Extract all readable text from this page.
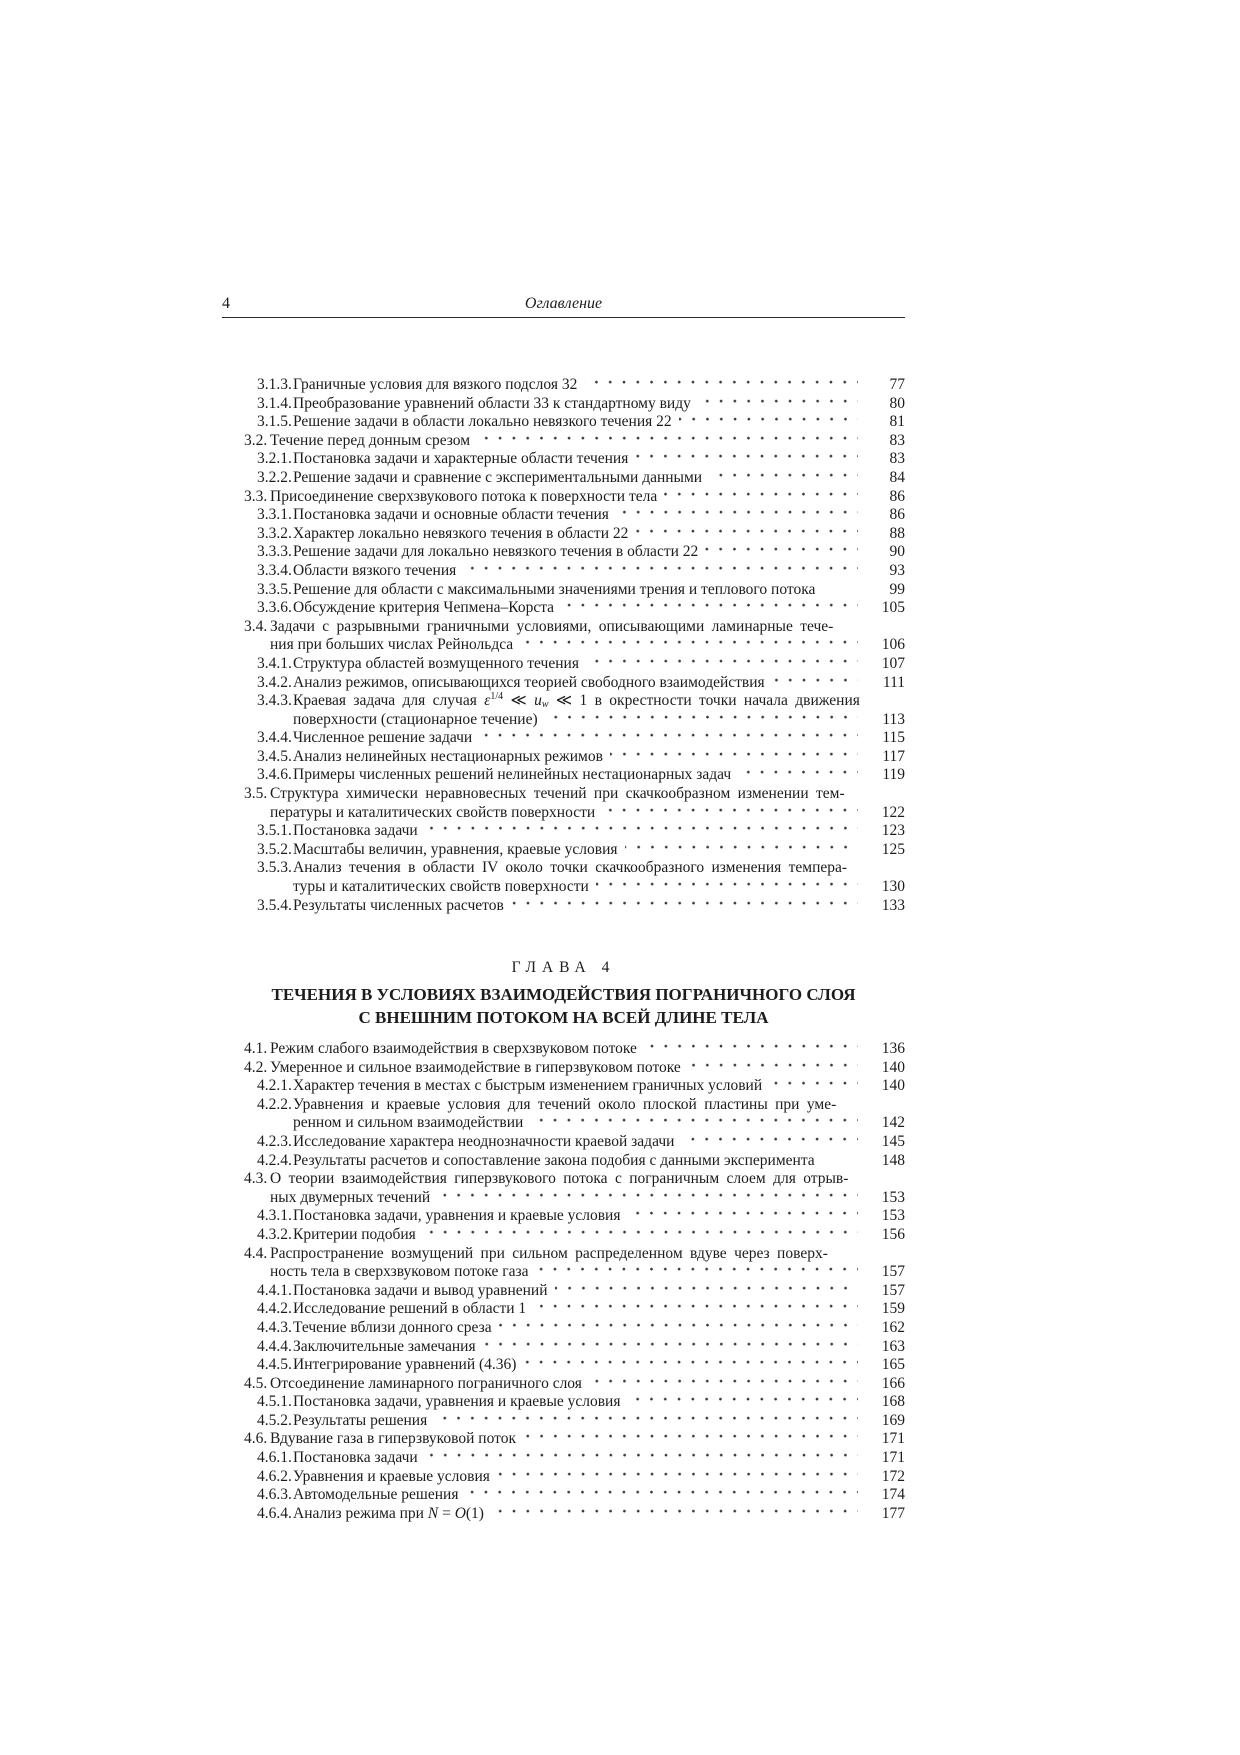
4	Оглавление
3.1.3. Граничные условия для вязкого подслоя 32	77
3.1.4. Преобразование уравнений области 33 к стандартному виду	80
3.1.5. Решение задачи в области локально невязкого течения 22	81
3.2. Течение перед донным срезом	83
3.2.1. Постановка задачи и характерные области течения	83
3.2.2. Решение задачи и сравнение с экспериментальными данными	84
3.3. Присоединение сверхзвукового потока к поверхности тела	86
3.3.1. Постановка задачи и основные области течения	86
3.3.2. Характер локально невязкого течения в области 22	88
3.3.3. Решение задачи для локально невязкого течения в области 22	90
3.3.4. Области вязкого течения	93
3.3.5. Решение для области с максимальными значениями трения и теплового потока	99
3.3.6. Обсуждение критерия Чепмена–Корста	105
3.4. Задачи с разрывными граничными условиями, описывающими ламинарные тече-
ния при больших числах Рейнольдса	106
3.4.1. Структура областей возмущенного течения	107
3.4.2. Анализ режимов, описывающихся теорией свободного взаимодействия	111
3.4.3. Краевая задача для случая $\varepsilon^{1/4}$ ≪ $u_w$ ≪ 1 в окрестности точки начала движения
поверхности (стационарное течение)	113
3.4.4. Численное решение задачи	115
3.4.5. Анализ нелинейных нестационарных режимов	117
3.4.6. Примеры численных решений нелинейных нестационарных задач	119
3.5. Структура химически неравновесных течений при скачкообразном изменении тем-
пературы и каталитических свойств поверхности	122
3.5.1. Постановка задачи	123
3.5.2. Масштабы величин, уравнения, краевые условия	125
3.5.3. Анализ течения в области IV около точки скачкообразного изменения темпера-
туры и каталитических свойств поверхности	130
3.5.4. Результаты численных расчетов	133
ГЛАВА 4
ТЕЧЕНИЯ В УСЛОВИЯХ ВЗАИМОДЕЙСТВИЯ ПОГРАНИЧНОГО СЛОЯ
С ВНЕШНИМ ПОТОКОМ НА ВСЕЙ ДЛИНЕ ТЕЛА
4.1. Режим слабого взаимодействия в сверхзвуковом потоке	136
4.2. Умеренное и сильное взаимодействие в гиперзвуковом потоке	140
4.2.1. Характер течения в местах с быстрым изменением граничных условий	140
4.2.2. Уравнения и краевые условия для течений около плоской пластины при уме-
ренном и сильном взаимодействии	142
4.2.3. Исследование характера неоднозначности краевой задачи	145
4.2.4. Результаты расчетов и сопоставление закона подобия с данными эксперимента	148
4.3. О теории взаимодействия гиперзвукового потока с пограничным слоем для отрыв-
ных двумерных течений	153
4.3.1. Постановка задачи, уравнения и краевые условия	153
4.3.2. Критерии подобия	156
4.4. Распространение возмущений при сильном распределенном вдуве через поверх-
ность тела в сверхзвуковом потоке газа	157
4.4.1. Постановка задачи и вывод уравнений	157
4.4.2. Исследование решений в области 1	159
4.4.3. Течение вблизи донного среза	162
4.4.4. Заключительные замечания	163
4.4.5. Интегрирование уравнений (4.36)	165
4.5. Отсоединение ламинарного пограничного слоя	166
4.5.1. Постановка задачи, уравнения и краевые условия	168
4.5.2. Результаты решения	169
4.6. Вдувание газа в гиперзвуковой поток	171
4.6.1. Постановка задачи	171
4.6.2. Уравнения и краевые условия	172
4.6.3. Автомодельные решения	174
4.6.4. Анализ режима при N = O(1)	177
